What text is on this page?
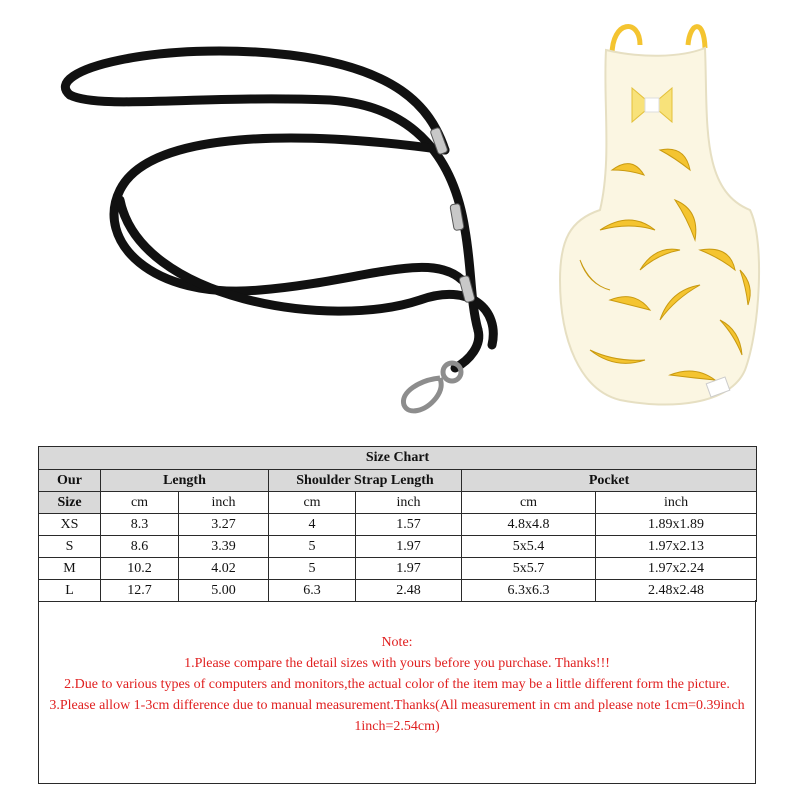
Size Chart						
Our	Length		Shoulder Strap Length		Pocket	
Size	cm	inch	cm	inch	cm	inch
XS	8.3	3.27	4	1.57	4.8x4.8	1.89x1.89
S	8.6	3.39	5	1.97	5x5.4	1.97x2.13
M	10.2	4.02	5	1.97	5x5.7	1.97x2.24
L	12.7	5.00	6.3	2.48	6.3x6.3	2.48x2.48

Note:

1.Please compare the detail sizes with yours before you purchase. Thanks!!!

2.Due to various types of computers and monitors,the actual color of the item may be a little different form the picture.

3.Please allow 1-3cm difference due to manual measurement.Thanks(All measurement in cm and please note 1cm=0.39inch 1inch=2.54cm)
